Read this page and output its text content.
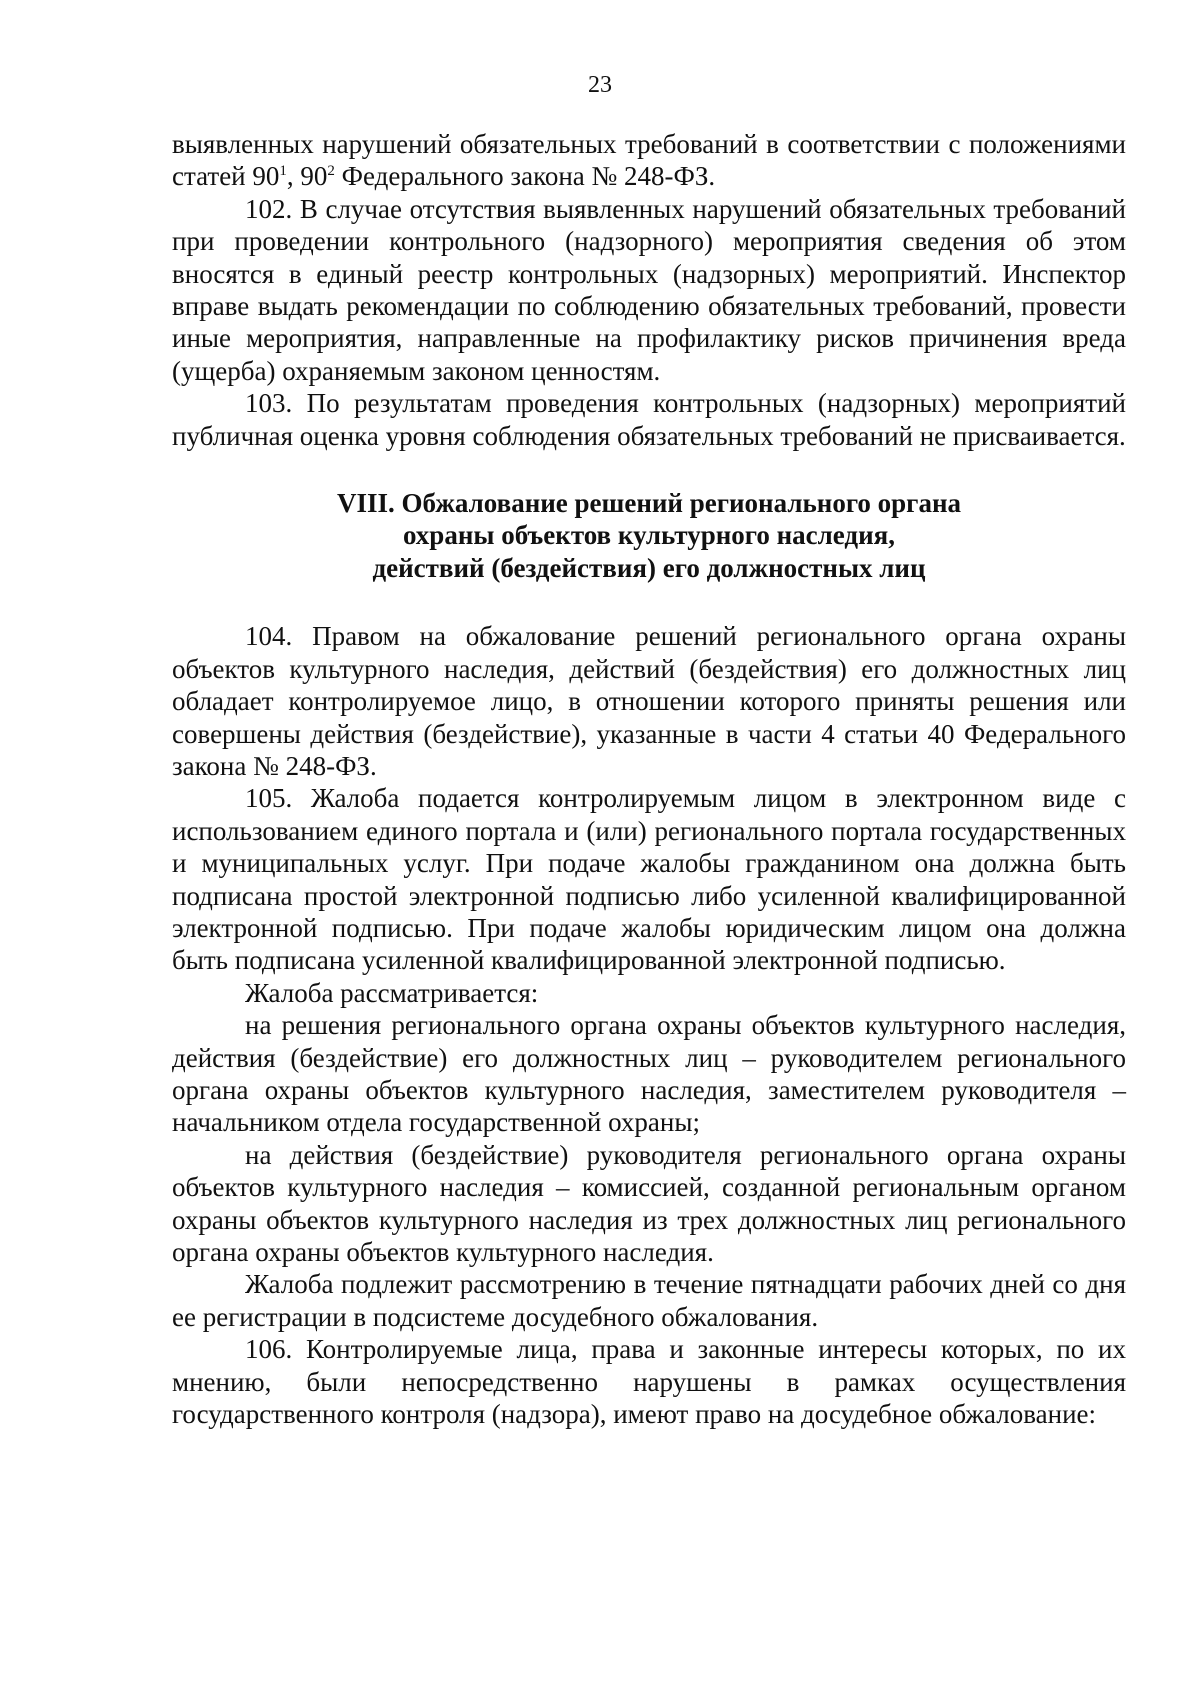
23

выявленных нарушений обязательных требований в соответствии с положениями статей $90^1$, $90^2$ Федерального закона № 248-ФЗ.

102. В случае отсутствия выявленных нарушений обязательных требований при проведении контрольного (надзорного) мероприятия сведения об этом вносятся в единый реестр контрольных (надзорных) мероприятий. Инспектор вправе выдать рекомендации по соблюдению обязательных требований, провести иные мероприятия, направленные на профилактику рисков причинения вреда (ущерба) охраняемым законом ценностям.

103. По результатам проведения контрольных (надзорных) мероприятий публичная оценка уровня соблюдения обязательных требований не присваивается.

VIII. Обжалование решений регионального органа
охраны объектов культурного наследия,
действий (бездействия) его должностных лиц

104. Правом на обжалование решений регионального органа охраны объектов культурного наследия, действий (бездействия) его должностных лиц обладает контролируемое лицо, в отношении которого приняты решения или совершены действия (бездействие), указанные в части 4 статьи 40 Федерального закона № 248-ФЗ.

105. Жалоба подается контролируемым лицом в электронном виде с использованием единого портала и (или) регионального портала государственных и муниципальных услуг. При подаче жалобы гражданином она должна быть подписана простой электронной подписью либо усиленной квалифицированной электронной подписью. При подаче жалобы юридическим лицом она должна быть подписана усиленной квалифицированной электронной подписью.

Жалоба рассматривается:

на решения регионального органа охраны объектов культурного наследия, действия (бездействие) его должностных лиц – руководителем регионального органа охраны объектов культурного наследия, заместителем руководителя – начальником отдела государственной охраны;

на действия (бездействие) руководителя регионального органа охраны объектов культурного наследия – комиссией, созданной региональным органом охраны объектов культурного наследия из трех должностных лиц регионального органа охраны объектов культурного наследия.

Жалоба подлежит рассмотрению в течение пятнадцати рабочих дней со дня ее регистрации в подсистеме досудебного обжалования.

106. Контролируемые лица, права и законные интересы которых, по их мнению, были непосредственно нарушены в рамках осуществления государственного контроля (надзора), имеют право на досудебное обжалование:
